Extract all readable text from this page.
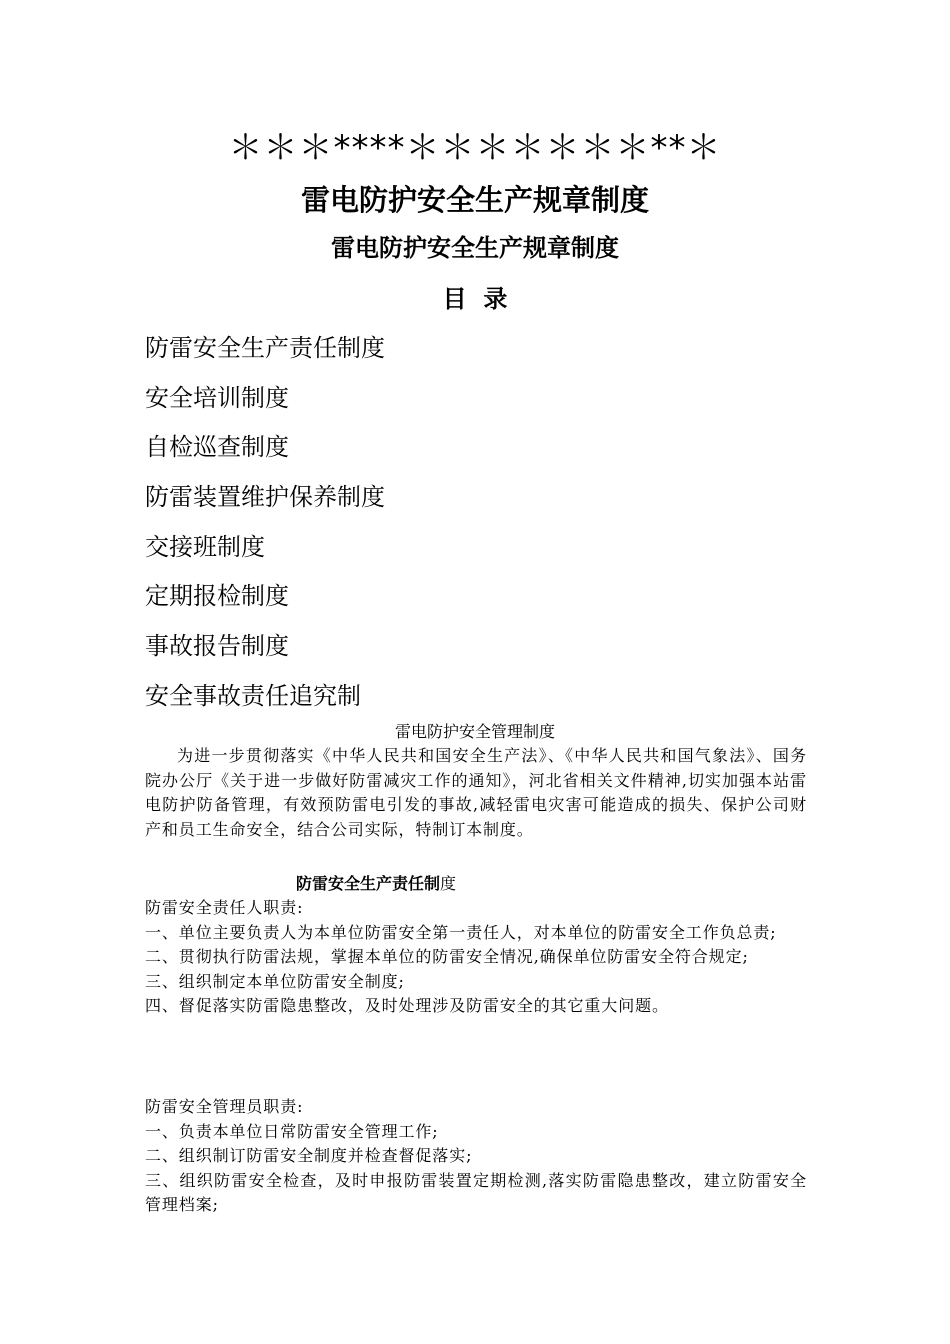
＊＊＊****＊＊＊＊＊＊＊**＊
雷电防护安全生产规章制度
雷电防护安全生产规章制度
目  录
防雷安全生产责任制度
安全培训制度
自检巡查制度
防雷装置维护保养制度
交接班制度
定期报检制度
事故报告制度
安全事故责任追究制
雷电防护安全管理制度

为进一步贯彻落实《中华人民共和国安全生产法》、《中华人民共和国气象法》、国务院办公厅《关于进一步做好防雷减灾工作的通知》，河北省相关文件精神,切实加强本站雷电防护防备管理，有效预防雷电引发的事故,减轻雷电灾害可能造成的损失、保护公司财产和员工生命安全，结合公司实际，特制订本制度。

防雷安全生产责任制度

防雷安全责任人职责:

一、单位主要负责人为本单位防雷安全第一责任人，对本单位的防雷安全工作负总责;

二、贯彻执行防雷法规，掌握本单位的防雷安全情况,确保单位防雷安全符合规定;

三、组织制定本单位防雷安全制度;

四、督促落实防雷隐患整改，及时处理涉及防雷安全的其它重大问题。

防雷安全管理员职责:

一、负责本单位日常防雷安全管理工作;

二、组织制订防雷安全制度并检查督促落实;

三、组织防雷安全检查，及时申报防雷装置定期检测,落实防雷隐患整改，建立防雷安全管理档案;
